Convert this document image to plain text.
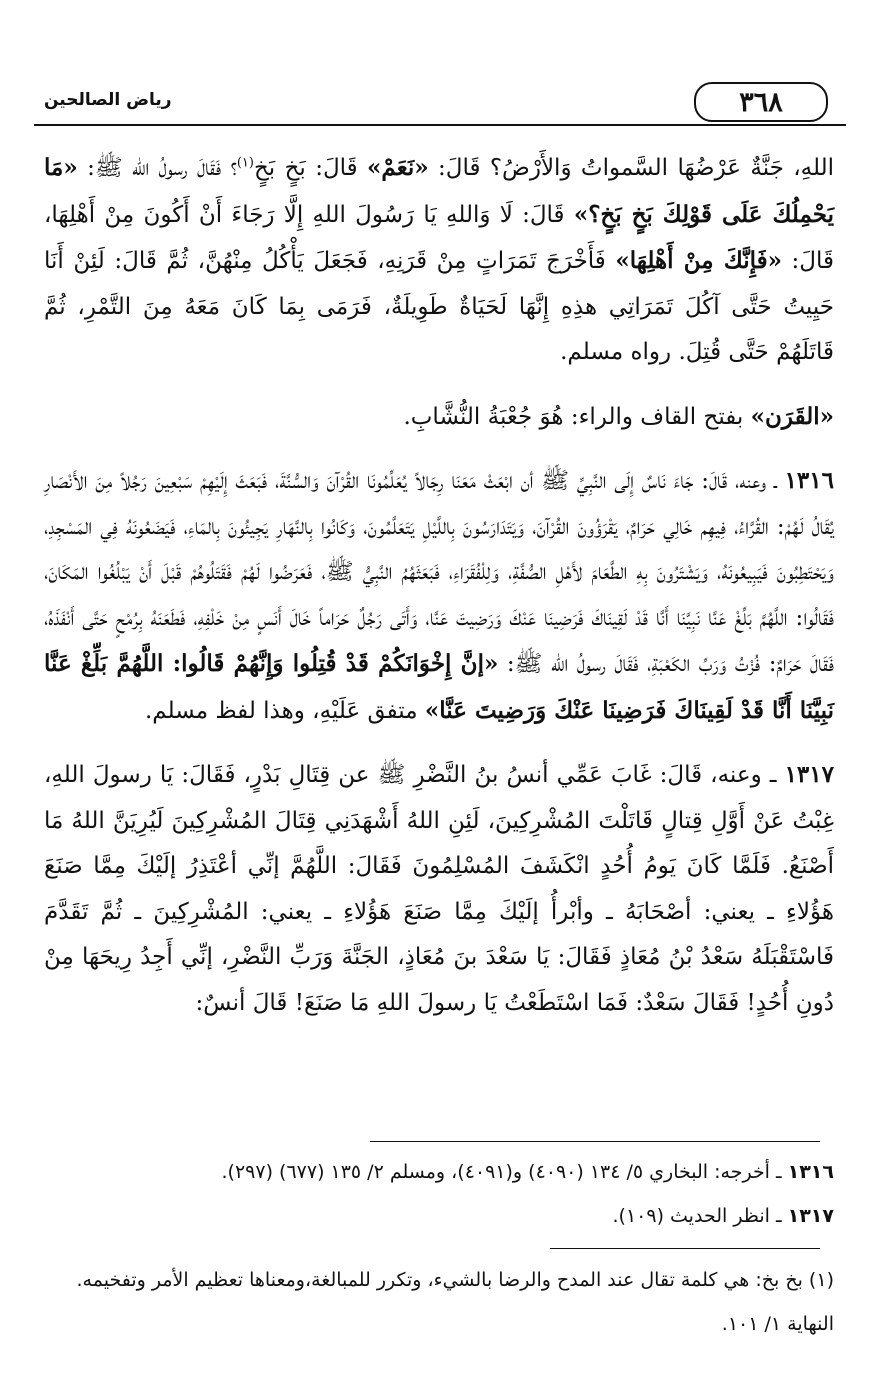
٣٦٨
رياض الصالحين

اللهِ، جَنَّةٌ عَرْضُهَا السَّمواتُ وَالأَرْضُ؟ قَالَ: «نَعَمْ» قَالَ: بَخٍ بَخٍ$^{(١)}$؟ فَقَالَ رسولُ الله ﷺ: «مَا يَحْمِلُكَ عَلَى قَوْلِكَ بَخٍ بَخٍ؟» قَالَ: لَا وَاللهِ يَا رَسُولَ اللهِ إِلَّا رَجَاءَ أَنْ أَكُونَ مِنْ أَهْلِهَا، قَالَ: «فَإِنَّكَ مِنْ أَهْلِهَا» فَأَخْرَجَ تَمَرَاتٍ مِنْ قَرَنِهِ، فَجَعَلَ يَأْكُلُ مِنْهُنَّ، ثُمَّ قَالَ: لَئِنْ أَنَا حَيِيتُ حَتَّى آكُلَ تَمَرَاتِي هذِهِ إِنَّهَا لَحَيَاةٌ طَوِيلَةٌ، فَرَمَى بِمَا كَانَ مَعَهُ مِنَ التَّمْرِ، ثُمَّ قَاتَلَهُمْ حَتَّى قُتِلَ. رواه مسلم.

«القَرَن» بفتح القاف والراء: هُوَ جُعْبَةُ النُّشَّابِ.

١٣١٦ ـ وعنه، قَالَ: جَاءَ نَاسٌ إِلَى النَّبِيِّ ﷺ أن ابْعَثْ مَعَنَا رِجَالاً يُعَلِّمُونَا القُرْآنَ وَالسُّنَّةَ، فَبَعَثَ إِلَيْهِمْ سَبْعِينَ رَجُلاً مِنَ الأَنْصَارِ يُقَالُ لَهُمْ: القُرَّاءُ، فِيهِم خَالِي حَرَامٌ، يَقْرَؤُونَ القُرْآنَ، وَيَتَدَارَسُونَ بِاللَّيْلِ يَتَعَلَّمُونَ، وَكَانُوا بِالنَّهَارِ يَجِيئُونَ بِالمَاءِ، فَيَضَعُونَهُ فِي المَسْجِدِ، وَيَحْتَطِبُونَ فَيَبِيعُونَهُ، وَيَشْتَرُونَ بِهِ الطَّعَامَ لأَهْلِ الصُّفَّةِ، وَلِلْفُقَرَاءِ، فَبَعَثَهُمُ النَّبِيُّ ﷺ، فَعَرَضُوا لَهُمْ فَقَتَلُوهُمْ قَبْلَ أَنْ يَبْلُغُوا المَكَانَ، فَقَالُوا: اللَّهُمَّ بَلِّغْ عَنَّا نَبِيَّنَا أَنَّا قَدْ لَقِينَاكَ فَرَضِينَا عَنْكَ وَرَضِيتَ عَنَّا، وَأَتَى رَجُلٌ حَرَاماً خَالَ أَنَسٍ مِنْ خَلْفِهِ، فَطَعَنَهُ بِرُمْحٍ حَتَّى أَنْفَذَهُ، فَقَالَ حَرَامٌ: فُزْتُ وَرَبِّ الكَعْبَةِ، فَقَالَ رسولُ الله ﷺ: «إنَّ إِخْوَانَكُمْ قَدْ قُتِلُوا وَإِنَّهُمْ قَالُوا: اللَّهُمَّ بَلِّغْ عَنَّا نَبِيَّنَا أَنَّا قَدْ لَقِينَاكَ فَرَضِينَا عَنْكَ وَرَضِيتَ عَنَّا» متفق عَلَيْهِ، وهذا لفظ مسلم.

١٣١٧ ـ وعنه، قَالَ: غَابَ عَمِّي أنسُ بنُ النَّضْرِ ﷺ عن قِتَالِ بَدْرٍ، فَقَالَ: يَا رسولَ اللهِ، غِبْتُ عَنْ أَوَّلِ قِتالٍ قَاتَلْتَ المُشْرِكِينَ، لَئِنِ اللهُ أَشْهَدَنِي قِتَالَ المُشْرِكِينَ لَيُرِيَنَّ اللهُ مَا أَصْنَعُ. فَلَمَّا كَانَ يَومُ أُحُدٍ انْكَشَفَ المُسْلِمُونَ فَقَالَ: اللَّهُمَّ إنِّي أعْتَذِرُ إلَيْكَ مِمَّا صَنَعَ هَؤُلاءِ ـ يعني: أصْحَابَهُ ـ وأبْرأُ إلَيْكَ مِمَّا صَنَعَ هَؤُلاءِ ـ يعني: المُشْرِكِينَ ـ ثُمَّ تَقَدَّمَ فَاسْتَقْبَلَهُ سَعْدُ بْنُ مُعَاذٍ فَقَالَ: يَا سَعْدَ بنَ مُعَاذٍ، الجَنَّةَ وَرَبِّ النَّضْرِ، إنِّي أَجِدُ رِيحَهَا مِنْ دُونِ أُحُدٍ! فَقَالَ سَعْدٌ: فَمَا اسْتَطَعْتُ يَا رسولَ اللهِ مَا صَنَعَ! قَالَ أنسٌ:

١٣١٦ ـ أخرجه: البخاري ٥/ ١٣٤ (٤٠٩٠) و(٤٠٩١)، ومسلم ٢/ ١٣٥ (٦٧٧) (٢٩٧).
١٣١٧ ـ انظر الحديث (١٠٩).
(١) بخ بخ: هي كلمة تقال عند المدح والرضا بالشيء، وتكرر للمبالغة،ومعناها تعظيم الأمر وتفخيمه. النهاية ١/ ١٠١.
